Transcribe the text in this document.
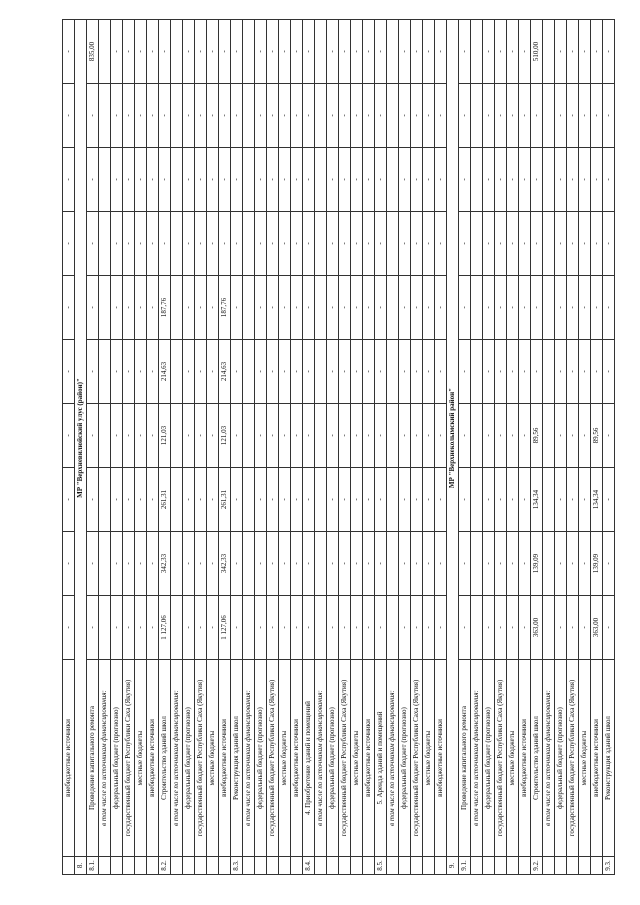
	внебюджетные источники	-	-	-	-	-	-	-	-	-	-
8.	МР "Верхневилюйский улус (район)"										
8.1.	Проведение капитального ремонта	-	-	-	-	-	-	-	-	-	835,00
	в том числе по источникам финансирования:										
	федеральный бюджет (прогнозно)	-	-	-	-	-	-	-	-	-	-
	государственный бюджет Республики Саха (Якутия)	-	-	-	-	-	-	-	-	-	-
	местные бюджеты	-	-	-	-	-	-	-	-	-	-
	внебюджетные источники	-	-	-	-	-	-	-	-	-	-
8.2.	Строительство зданий школ	1 127,06	342,33	261,31	121,03	214,63	187,76	-	-	-	-
	в том числе по источникам финансирования:										
	федеральный бюджет (прогнозно)	-	-	-	-	-	-	-	-	-	-
	государственный бюджет Республики Саха (Якутия)	-	-	-	-	-	-	-	-	-	-
	местные бюджеты	-	-	-	-	-	-	-	-	-	-
	внебюджетные источники	1 127,06	342,33	261,31	121,03	214,63	187,76	-	-	-	-
8.3.	Реконструкция зданий школ	-	-	-	-	-	-	-	-	-	-
	в том числе по источникам финансирования:										
	федеральный бюджет (прогнозно)	-	-	-	-	-	-	-	-	-	-
	государственный бюджет Республики Саха (Якутия)	-	-	-	-	-	-	-	-	-	-
	местные бюджеты	-	-	-	-	-	-	-	-	-	-
	внебюджетные источники	-	-	-	-	-	-	-	-	-	-
8.4.	4. Приобретение зданий и помещений	-	-	-	-	-	-	-	-	-	-
	в том числе по источникам финансирования:										
	федеральный бюджет (прогнозно)	-	-	-	-	-	-	-	-	-	-
	государственный бюджет Республики Саха (Якутия)	-	-	-	-	-	-	-	-	-	-
	местные бюджеты	-	-	-	-	-	-	-	-	-	-
	внебюджетные источники	-	-	-	-	-	-	-	-	-	-
8.5.	5. Аренда зданий и помещений	-	-	-	-	-	-	-	-	-	-
	в том числе по источникам финансирования:										
	федеральный бюджет (прогнозно)	-	-	-	-	-	-	-	-	-	-
	государственный бюджет Республики Саха (Якутия)	-	-	-	-	-	-	-	-	-	-
	местные бюджеты	-	-	-	-	-	-	-	-	-	-
	внебюджетные источники	-	-	-	-	-	-	-	-	-	-
9.	МР "Верхнеколымский район"										
9.1.	Проведение капитального ремонта	-	-	-	-	-	-	-	-	-	-
	в том числе по источникам финансирования:										
	федеральный бюджет (прогнозно)	-	-	-	-	-	-	-	-	-	-
	государственный бюджет Республики Саха (Якутия)	-	-	-	-	-	-	-	-	-	-
	местные бюджеты	-	-	-	-	-	-	-	-	-	-
	внебюджетные источники	-	-	-	-	-	-	-	-	-	-
9.2.	Строительство зданий школ	363,00	139,09	134,34	89,56	-	-	-	-	-	510,00
	в том числе по источникам финансирования:										
	федеральный бюджет (прогнозно)	-	-	-	-	-	-	-	-	-	-
	государственный бюджет Республики Саха (Якутия)	-	-	-	-	-	-	-	-	-	-
	местные бюджеты	-	-	-	-	-	-	-	-	-	-
	внебюджетные источники	363,00	139,09	134,34	89,56	-	-	-	-	-	-
9.3.	Реконструкция зданий школ	-	-	-	-	-	-	-	-	-	-
